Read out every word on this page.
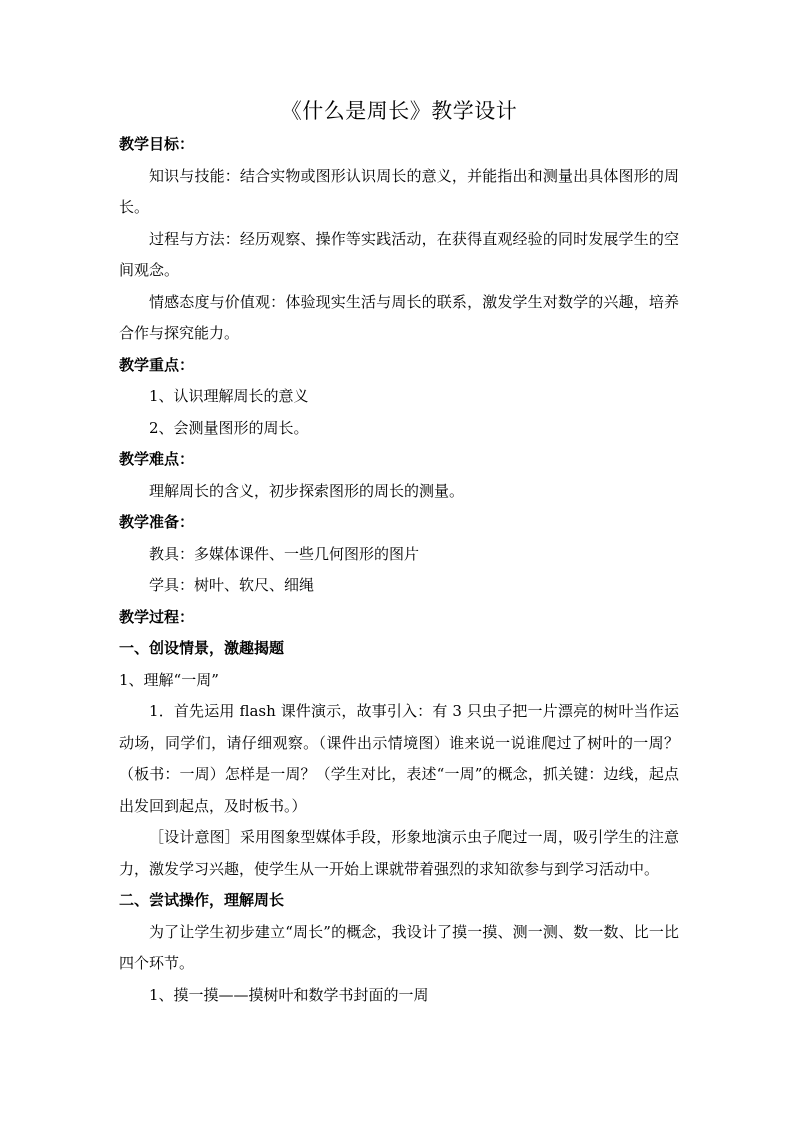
《什么是周长》教学设计

教学目标：

知识与技能：结合实物或图形认识周长的意义，并能指出和测量出具体图形的周长。

过程与方法：经历观察、操作等实践活动，在获得直观经验的同时发展学生的空间观念。

情感态度与价值观：体验现实生活与周长的联系，激发学生对数学的兴趣，培养合作与探究能力。

教学重点：

1、认识理解周长的意义

2、会测量图形的周长。

教学难点：

理解周长的含义，初步探索图形的周长的测量。

教学准备：

教具：多媒体课件、一些几何图形的图片

学具：树叶、软尺、细绳

教学过程：

一、创设情景，激趣揭题

1、理解“一周”

1．首先运用 flash 课件演示，故事引入：有 3 只虫子把一片漂亮的树叶当作运动场，同学们，请仔细观察。（课件出示情境图）谁来说一说谁爬过了树叶的一周？（板书：一周）怎样是一周？（学生对比，表述“一周”的概念，抓关键：边线，起点出发回到起点，及时板书。）

［设计意图］采用图象型媒体手段，形象地演示虫子爬过一周，吸引学生的注意力，激发学习兴趣，使学生从一开始上课就带着强烈的求知欲参与到学习活动中。

二、尝试操作，理解周长

为了让学生初步建立“周长”的概念，我设计了摸一摸、测一测、数一数、比一比四个环节。

1、摸一摸——摸树叶和数学书封面的一周
